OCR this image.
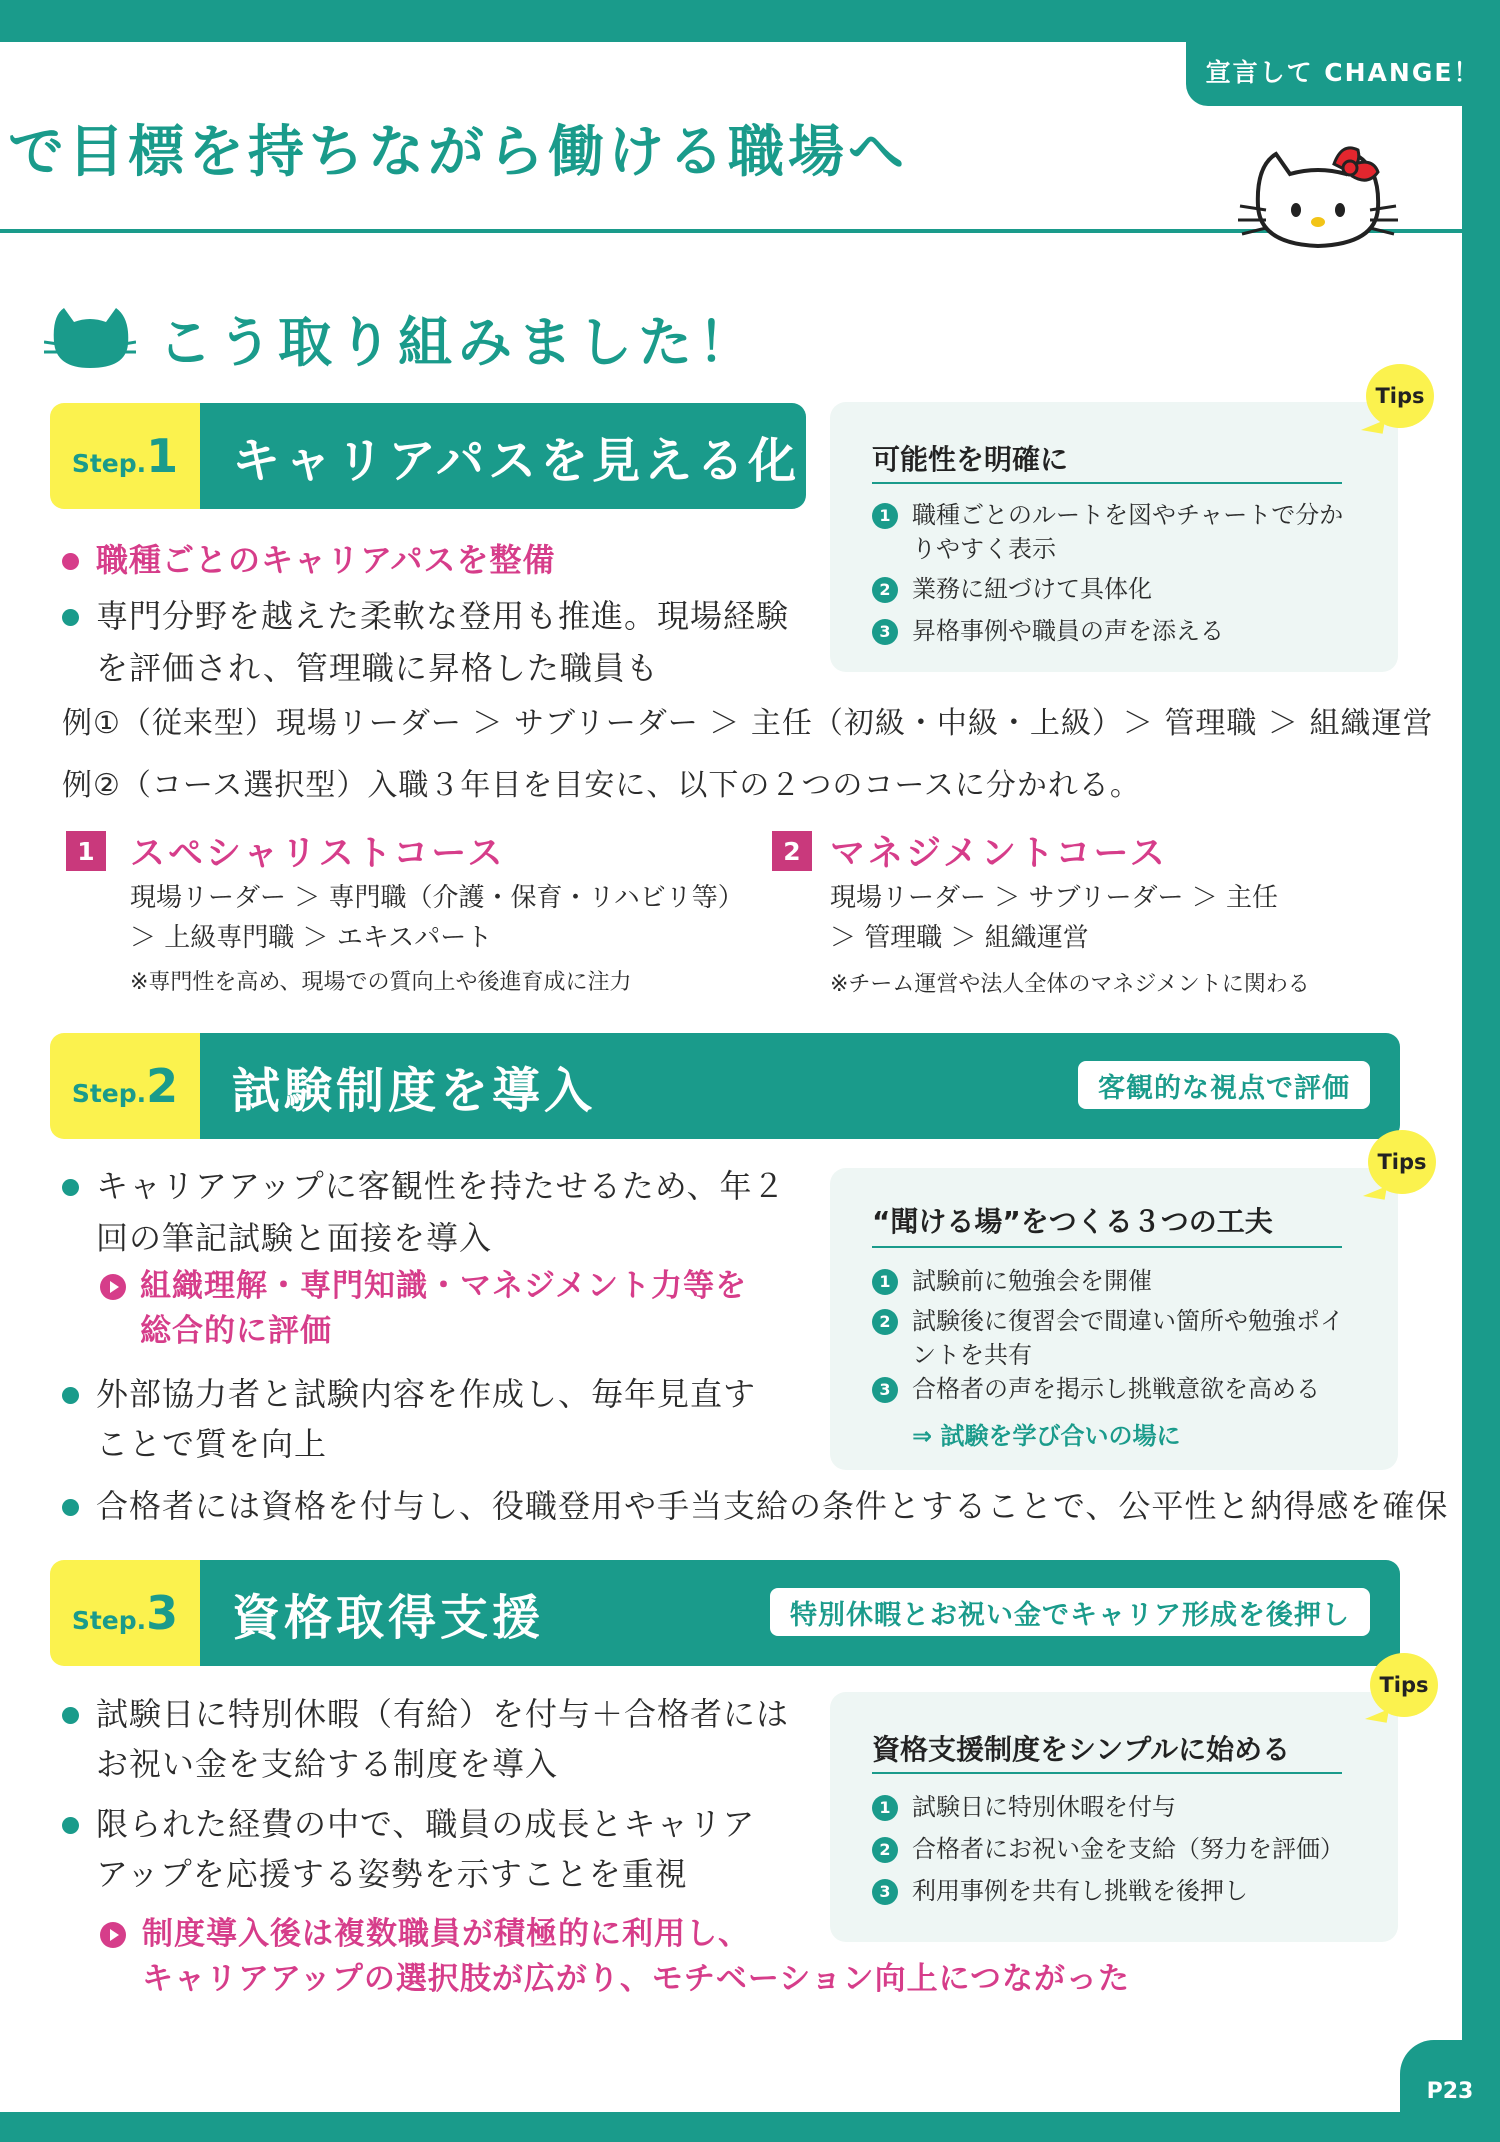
宣言して CHANGE！
P23
で目標を持ちながら働ける職場へ
こう取り組みました！
Step. 1 キャリアパスを見える化
職種ごとのキャリアパスを整備
専門分野を越えた柔軟な登用も推進。現場経験
を評価され、管理職に昇格した職員も
例①（従来型）現場リーダー ＞ サブリーダー ＞ 主任（初級・中級・上級）＞ 管理職 ＞ 組織運営
例②（コース選択型）入職３年目を目安に、以下の２つのコースに分かれる。
1	スペシャリストコース
現場リーダー ＞ 専門職（介護・保育・リハビリ等）
＞ 上級専門職 ＞ エキスパート
※専門性を高め、現場での質向上や後進育成に注力
2 マネジメントコース
現場リーダー ＞ サブリーダー ＞ 主任
＞ 管理職 ＞ 組織運営
※チーム運営や法人全体のマネジメントに関わる
可能性を明確に
1 職種ごとのルートを図やチャートで分か
りやすく表示
2 業務に紐づけて具体化
3 昇格事例や職員の声を添える
Tips
Step. 2 試験制度を導入	客観的な視点で評価
キャリアアップに客観性を持たせるため、年２
回の筆記試験と面接を導入
組織理解・専門知識・マネジメント力等を
総合的に評価
外部協力者と試験内容を作成し、毎年見直す
ことで質を向上
合格者には資格を付与し、役職登用や手当支給の条件とすることで、公平性と納得感を確保
“聞ける場”をつくる３つの工夫
1 試験前に勉強会を開催
2 試験後に復習会で間違い箇所や勉強ポイ
ントを共有
3 合格者の声を掲示し挑戦意欲を高める
⇒ 試験を学び合いの場に
Tips
Step. 3 資格取得支援	特別休暇とお祝い金でキャリア形成を後押し
試験日に特別休暇（有給）を付与＋合格者には
お祝い金を支給する制度を導入
限られた経費の中で、職員の成長とキャリア
アップを応援する姿勢を示すことを重視
制度導入後は複数職員が積極的に利用し、
キャリアアップの選択肢が広がり、モチベーション向上につながった
資格支援制度をシンプルに始める
1 試験日に特別休暇を付与
2 合格者にお祝い金を支給（努力を評価）
3 利用事例を共有し挑戦を後押し
Tips
